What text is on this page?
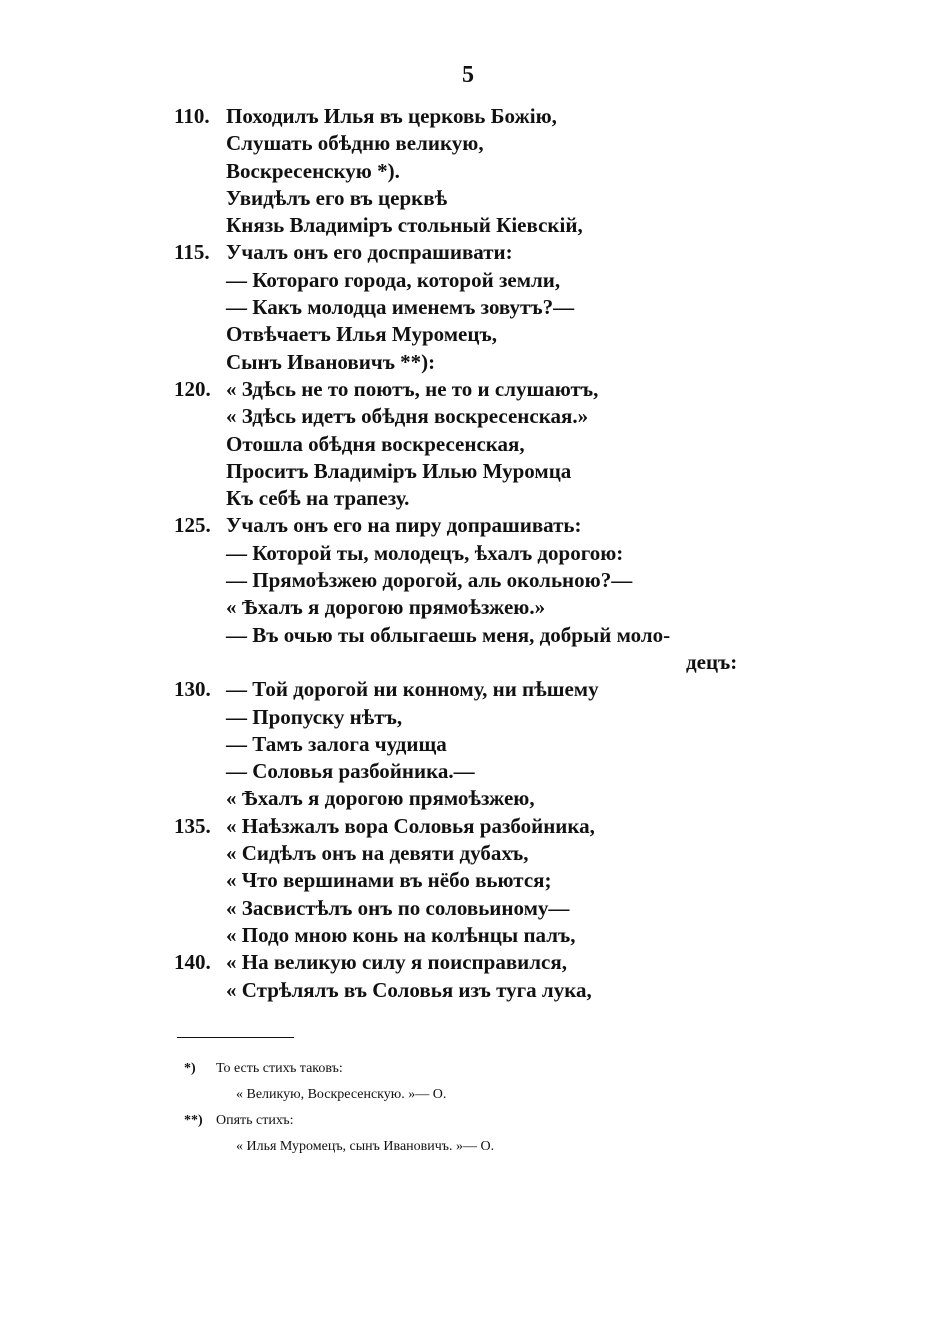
5
110. Походилъ Илья въ церковь Божію,
Слушать обѣдню великую,
Воскресенскую *).
Увидѣлъ его въ церквѣ
Князь Владиміръ стольный Кіевскій,
115. Учалъ онъ его доспрашивати:
— Котораго города, которой земли,
— Какъ молодца именемъ зовутъ?—
Отвѣчаетъ Илья Муромецъ,
Сынъ Ивановичъ **):
120. « Здѣсь не то поютъ, не то и слушаютъ,
« Здѣсь идетъ обѣдня воскресенская.»
Отошла обѣдня воскресенская,
Проситъ Владиміръ Илью Муромца
Къ себѣ на трапезу.
125. Учалъ онъ его на пиру допрашивать:
— Которой ты, молодецъ, ѣхалъ дорогою:
— Прямоѣзжею дорогой, аль окольною?—
« Ѣхалъ я дорогою прямоѣзжею.»
— Въ очью ты облыгаешь меня, добрый моло-
децъ:
130. — Той дорогой ни конному, ни пѣшему
— Пропуску нѣтъ,
— Тамъ залога чудища
— Соловья разбойника.—
« Ѣхалъ я дорогою прямоѣзжею,
135. « Наѣзжалъ вора Соловья разбойника,
« Сидѣлъ онъ на девяти дубахъ,
« Что вершинами въ нёбо вьются;
« Засвистѣлъ онъ по соловьиному—
« Подо мною конь на колѣнцы палъ,
140. « На великую силу я поисправился,
« Стрѣлялъ въ Соловья изъ туга лука,
*) То есть стихъ таковъ:
« Великую, Воскресенскую. »— О.
**) Опять стихъ:
« Илья Муромецъ, сынъ Ивановичъ. »— О.
